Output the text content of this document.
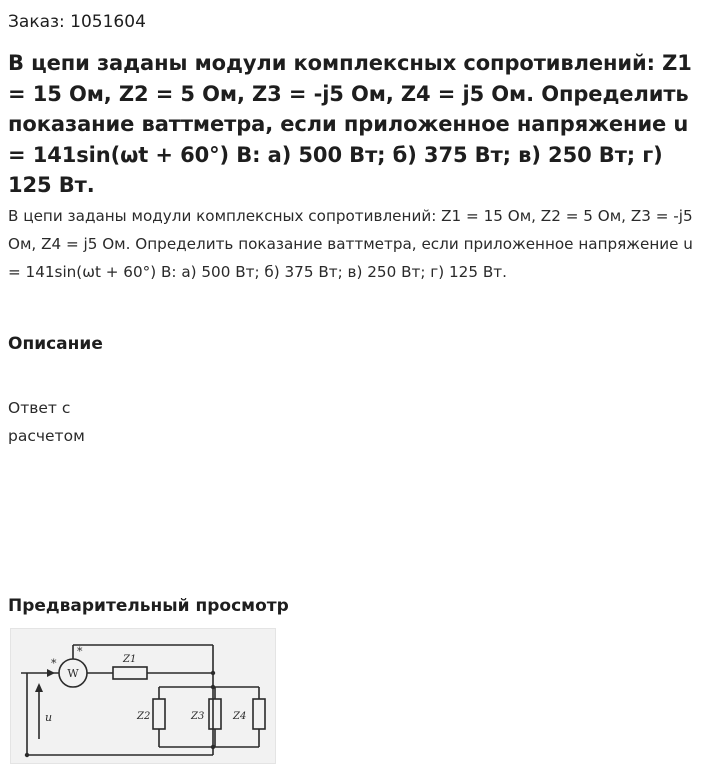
Заказ: 1051604
В цепи заданы модули комплексных сопротивлений: Z1 = 15 Ом, Z2 = 5 Ом, Z3 = -j5 Ом, Z4 = j5 Ом. Определить показание ваттметра, если приложенное напряжение u = 141sin(ωt + 60°) В: а) 500 Вт; б) 375 Вт; в) 250 Вт; г) 125 Вт.
В цепи заданы модули комплексных сопротивлений: Z1 = 15 Ом, Z2 = 5 Ом, Z3 = -j5 Ом, Z4 = j5 Ом. Определить показание ваттметра, если приложенное напряжение u = 141sin(ωt + 60°) В: а) 500 Вт; б) 375 Вт; в) 250 Вт; г) 125 Вт.
Описание
Ответ с расчетом
Предварительный просмотр
W
*
*
Z1
Z2	Z3	Z4
u
